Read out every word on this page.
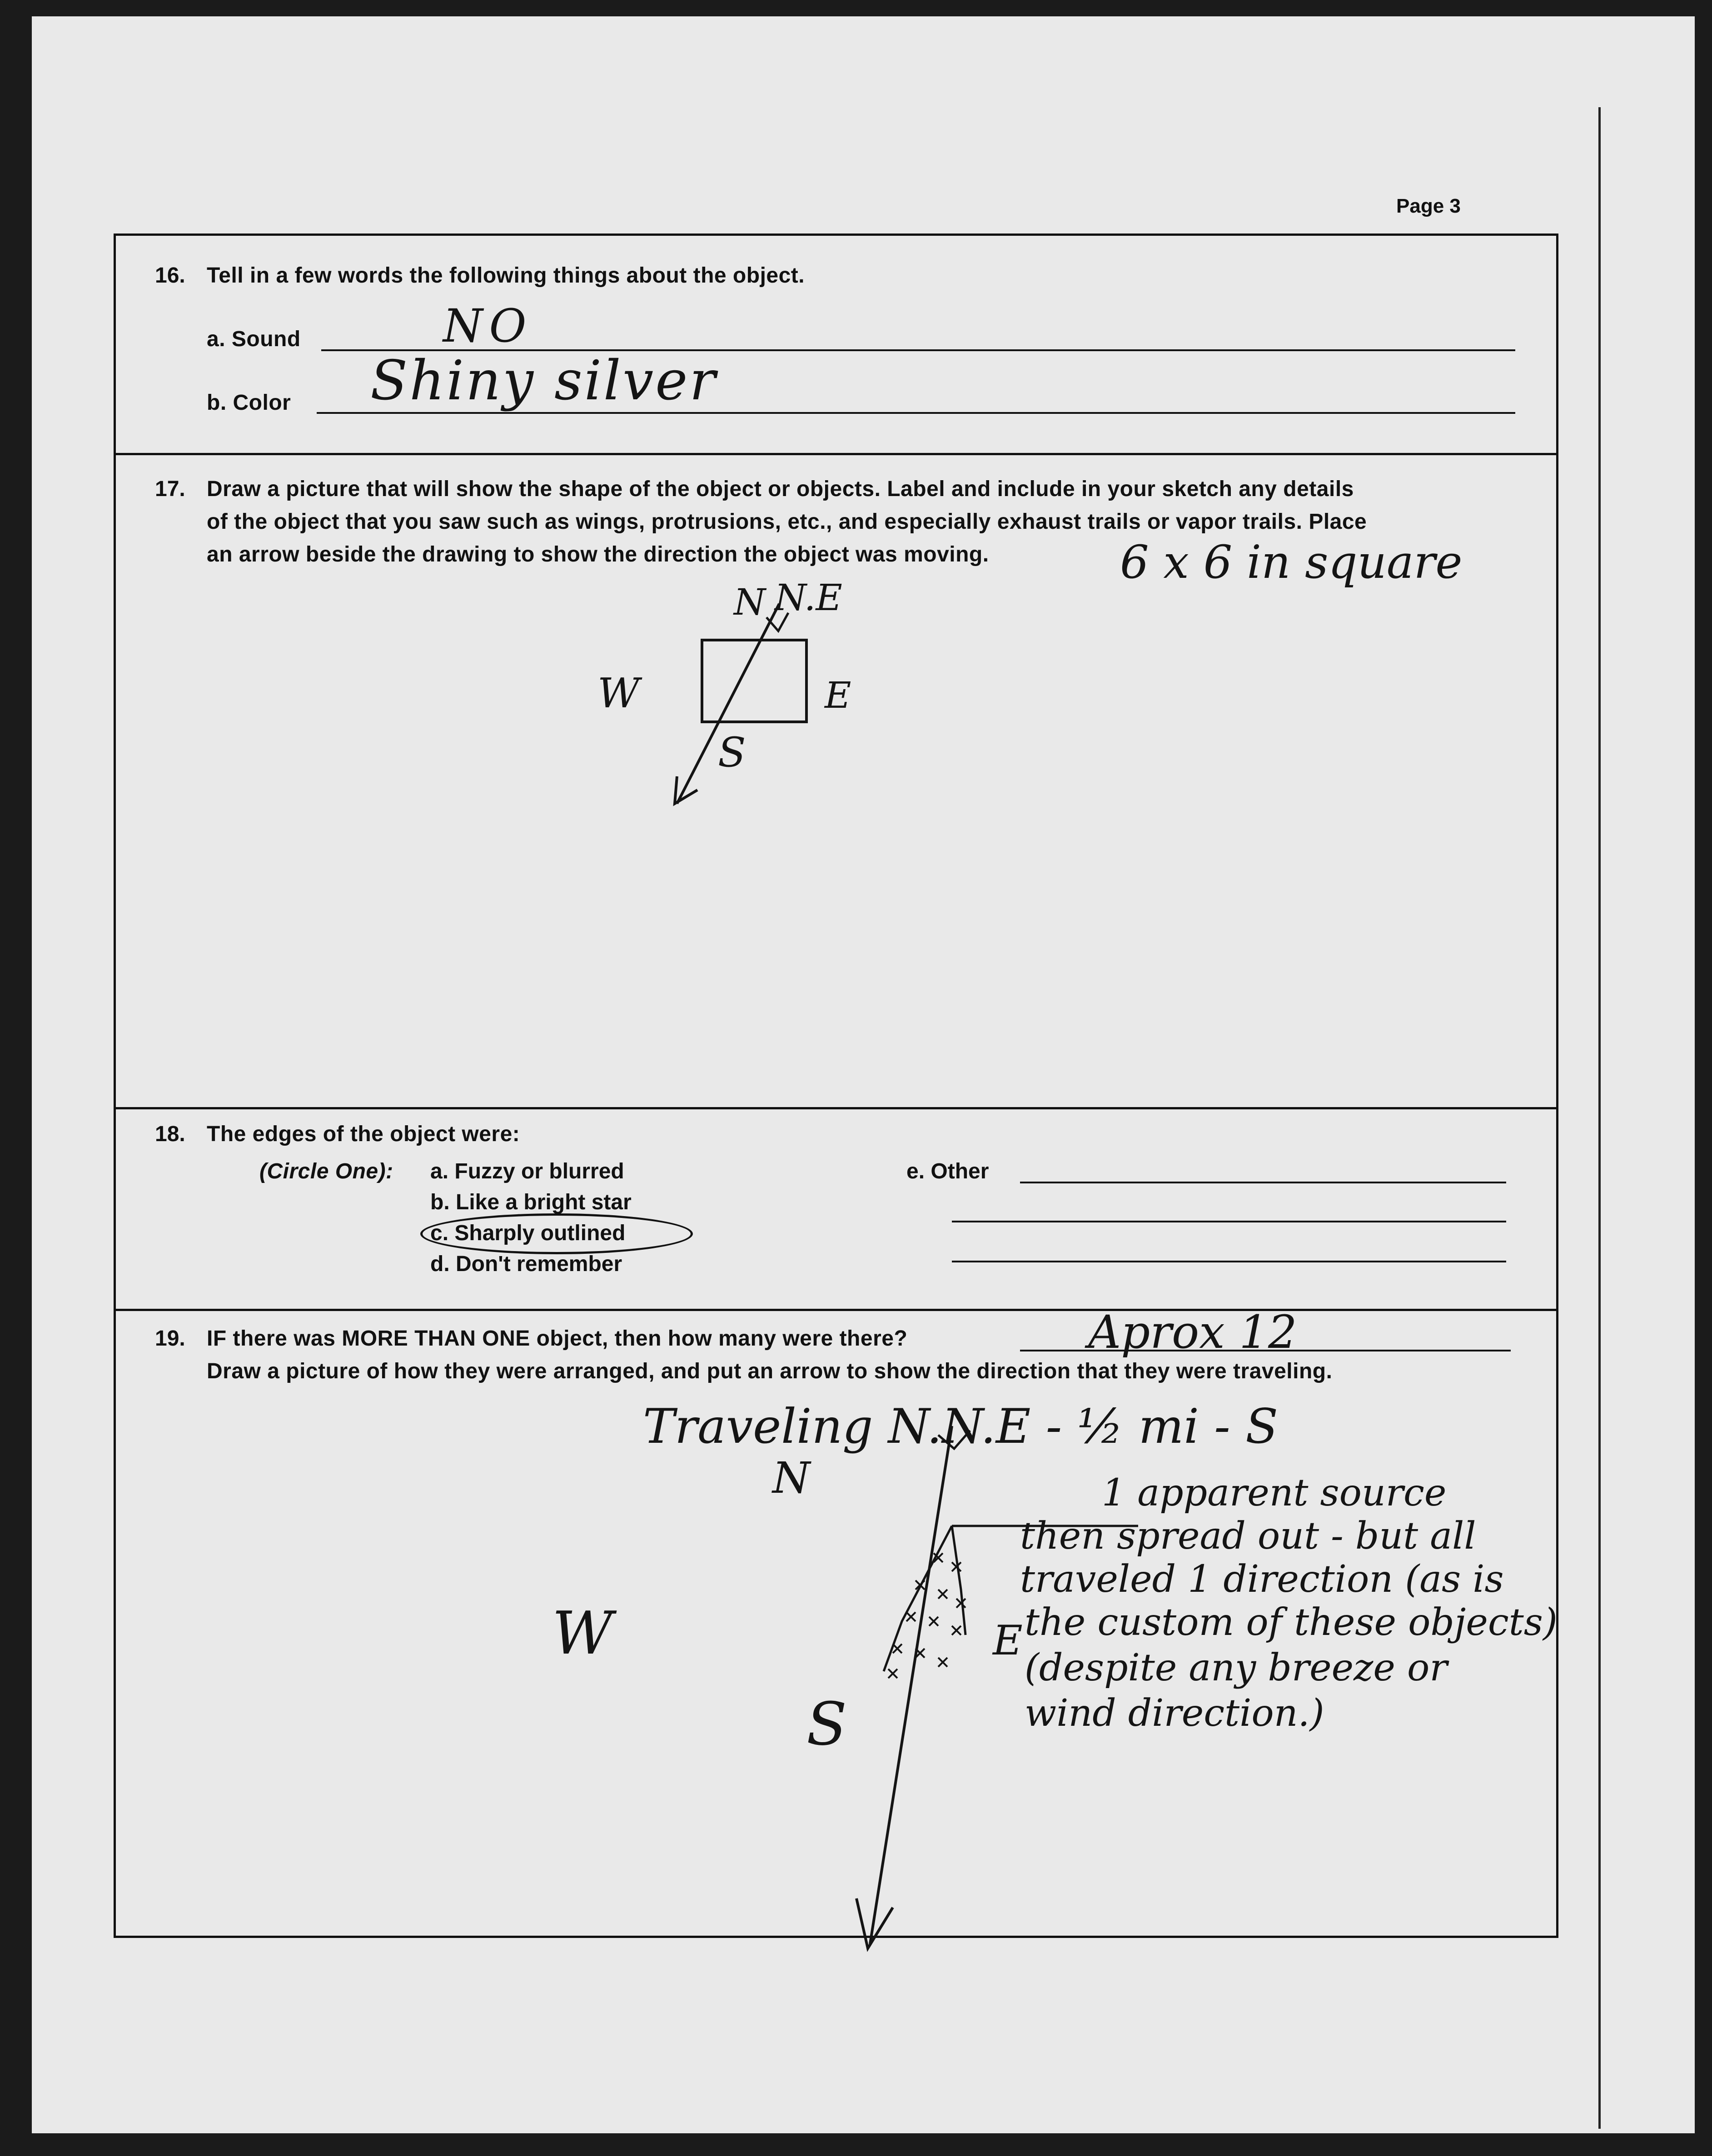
Page 3
16. Tell in a few words the following things about the object.
a. Sound	NO
b. Color Shiny silver
17. Draw a picture that will show the shape of the object or objects. Label and include in your sketch any details
of the object that you saw such as wings, protrusions, etc., and especially exhaust trails or vapor trails. Place
an arrow beside the drawing to show the direction the object was moving.	6 x 6 in square
N N.E
W	E
S
18. The edges of the object were:
(Circle One): a. Fuzzy or blurred
b. Like a bright star
c. Sharply outlined
d. Don't remember
e. Other
19. IF there was MORE THAN ONE object, then how many were there?	Aprox 12
Draw a picture of how they were arranged, and put an arrow to show the direction that they were traveling.
Traveling N.N.E - ½ mi - S
N
W	E
S
1 apparent source
then spread out - but all
traveled 1 direction (as is
the custom of these objects)
(despite any breeze or
wind direction.)
